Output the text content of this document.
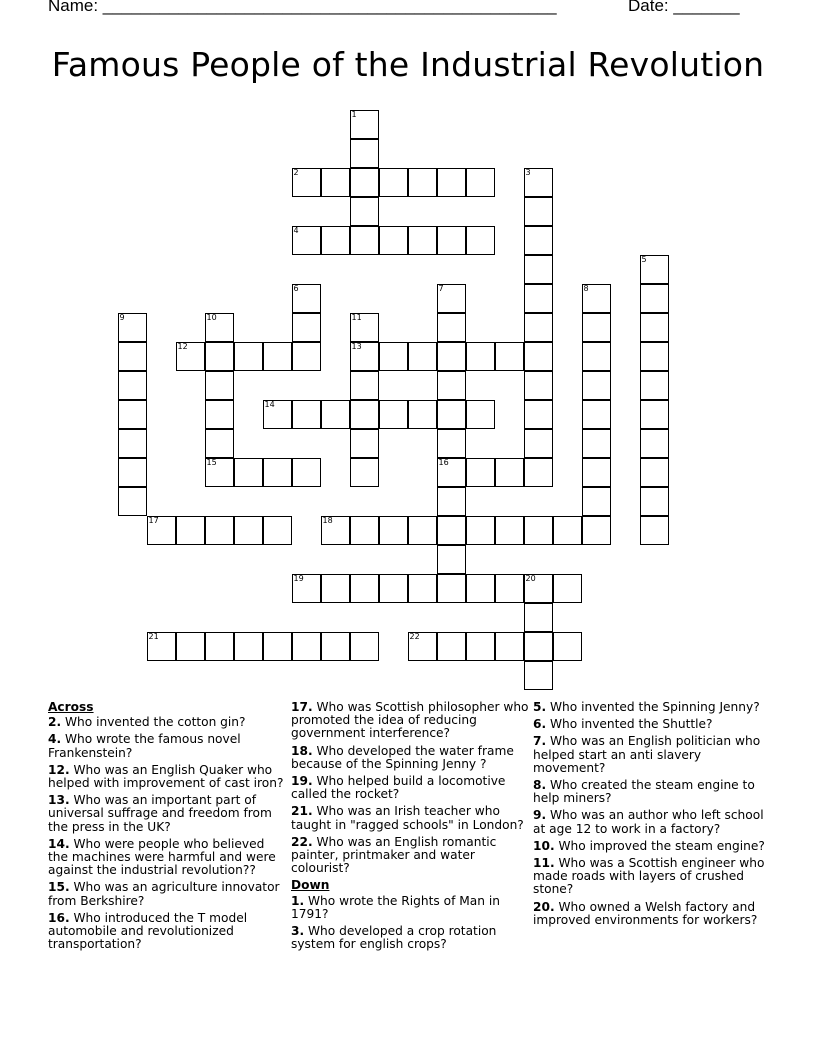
Name: ________________________________________________	Date: _______
Famous People of the Industrial Revolution
1
2	3
4
5
6	7
16
8
9	10	11
13
12
14
15
17	18
19	20
21	22
Across
2. Who invented the cotton gin?
4. Who wrote the famous novel Frankenstein?
12. Who was an English Quaker who helped with improvement of cast iron?
13. Who was an important part of universal suffrage and freedom from the press in the UK?
14. Who were people who believed the machines were harmful and were against the industrial revolution??
15. Who was an agriculture innovator from Berkshire?
16. Who introduced the T model automobile and revolutionized transportation?
17. Who was Scottish philosopher who promoted the idea of reducing government interference?
18. Who developed the water frame because of the Spinning Jenny ?
19. Who helped build a locomotive called the rocket?
21. Who was an Irish teacher who taught in "ragged schools" in London?
22. Who was an English romantic painter, printmaker and water colourist?
Down
1. Who wrote the Rights of Man in 1791?
3. Who developed a crop rotation system for english crops?
5. Who invented the Spinning Jenny?
6. Who invented the Shuttle?
7. Who was an English politician who helped start an anti slavery movement?
8. Who created the steam engine to help miners?
9. Who was an author who left school at age 12 to work in a factory?
10. Who improved the steam engine?
11. Who was a Scottish engineer who made roads with layers of crushed stone?
20. Who owned a Welsh factory and improved environments for workers?
